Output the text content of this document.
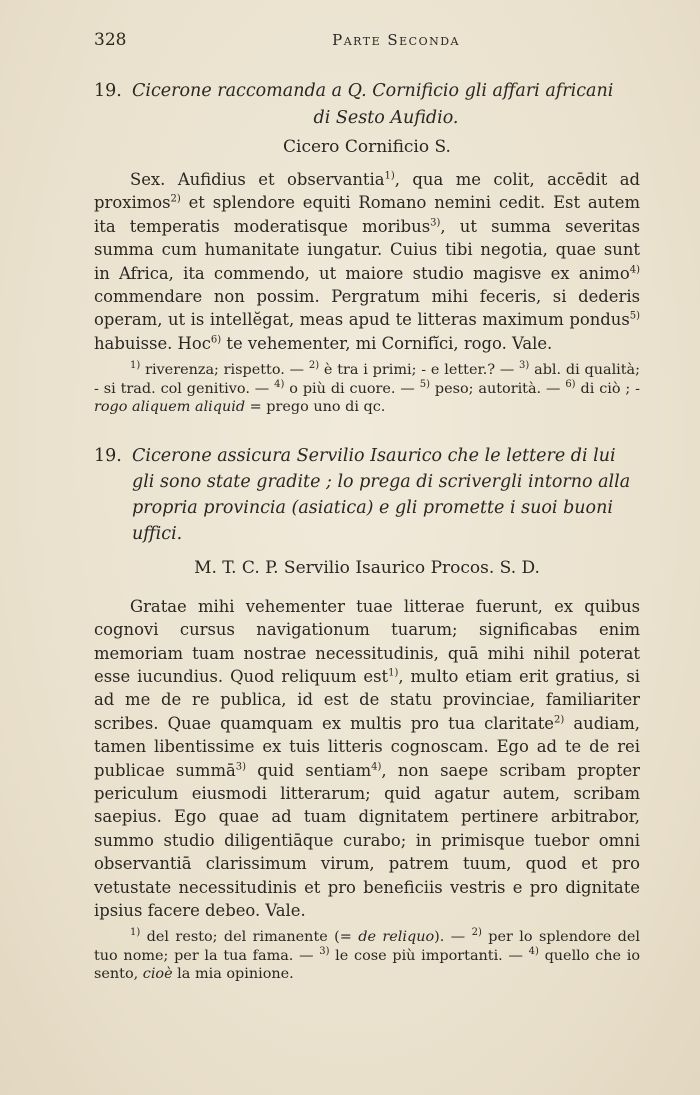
328	Parte Seconda
19. Cicerone raccomanda a Q. Cornificio gli affari africani

di Sesto Aufidio.
Cicero Cornificio S.

Sex. Aufidius et observantia$^{1)}$, qua me colit, accēdit ad proximos$^{2)}$ et splendore equiti Romano nemini cedit. Est autem ita temperatis moderatisque moribus$^{3)}$, ut summa severitas summa cum humanitate iungatur. Cuius tibi negotia, quae sunt in Africa, ita commendo, ut maiore studio magisve ex animo$^{4)}$ commendare non possim. Pergratum mihi feceris, si dederis operam, ut is intellĕgat, meas apud te litteras maximum pondus$^{5)}$ habuisse. Hoc$^{6)}$ te vehementer, mi Cornifĭci, rogo. Vale.

$^{1)}$ riverenza; rispetto. — $^{2)}$ è tra i primi; - e letter.? — $^{3)}$ abl. di qualità; - si trad. col genitivo. — $^{4)}$ o più di cuore. — $^{5)}$ peso; autorità. — $^{6)}$ di ciò ; - rogo aliquem aliquid = prego uno di qc.
19. Cicerone assicura Servilio Isaurico che le lettere di lui gli sono state gradite ; lo prega di scrivergli intorno alla propria provincia (asiatica) e gli promette i suoi buoni uffici.
M. T. C. P. Servilio Isaurico Procos. S. D.

Gratae mihi vehementer tuae litterae fuerunt, ex quibus cognovi cursus navigationum tuarum; significabas enim memoriam tuam nostrae necessitudinis, quā mihi nihil poterat esse iucundius. Quod reliquum est$^{1)}$, multo etiam erit gratius, si ad me de re publica, id est de statu provinciae, familiariter scribes. Quae quamquam ex multis pro tua claritate$^{2)}$ audiam, tamen libentissime ex tuis litteris cognoscam. Ego ad te de rei publicae summā$^{3)}$ quid sentiam$^{4)}$, non saepe scribam propter periculum eiusmodi litterarum; quid agatur autem, scribam saepius. Ego quae ad tuam dignitatem pertinere arbitrabor, summo studio diligentiāque curabo; in primisque tuebor omni observantiā clarissimum virum, patrem tuum, quod et pro vetustate necessitudinis et pro beneficiis vestris e pro dignitate ipsius facere debeo. Vale.

$^{1)}$ del resto; del rimanente (= de reliquo). — $^{2)}$ per lo splendore del tuo nome; per la tua fama. — $^{3)}$ le cose più importanti. — $^{4)}$ quello che io sento, cioè la mia opinione.
